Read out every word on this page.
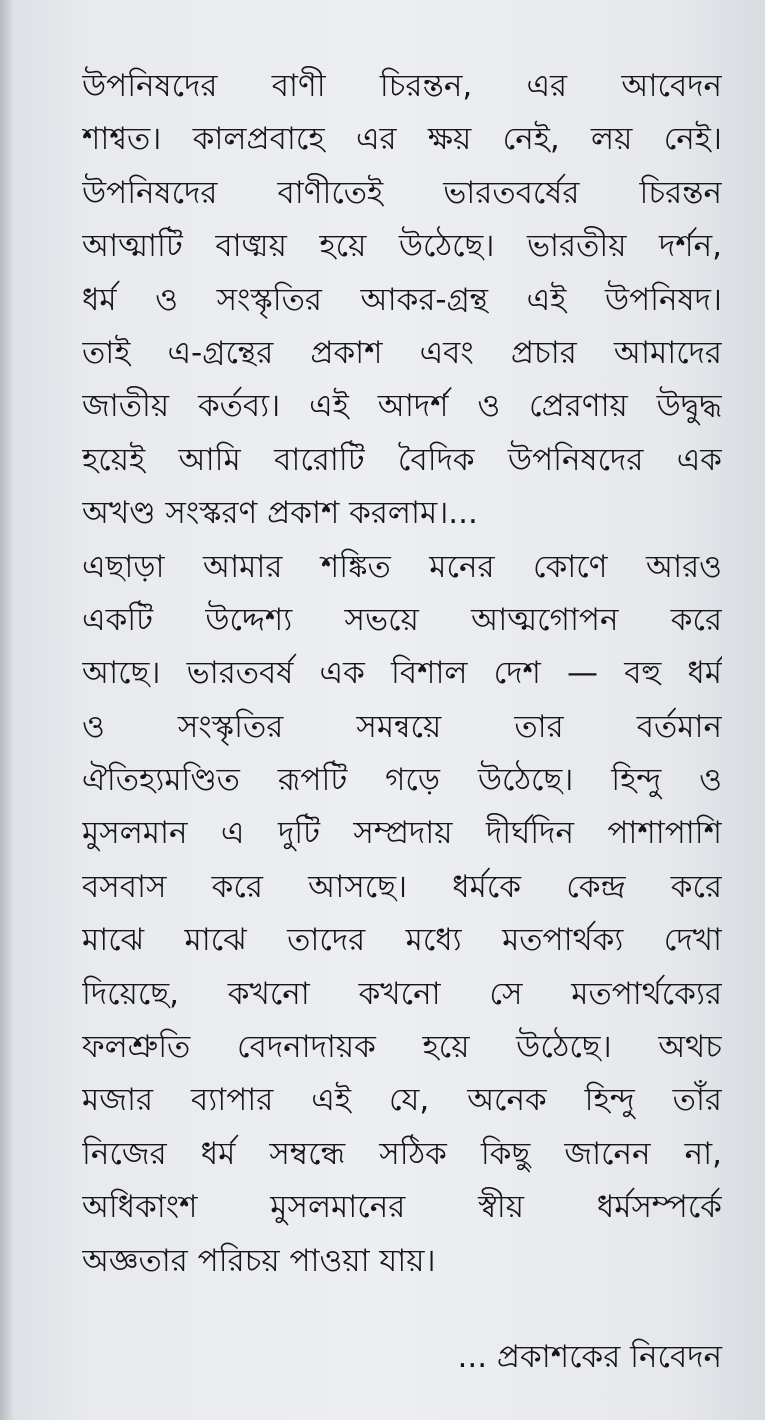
উপনিষদের বাণী চিরন্তন, এর আবেদন
শাশ্বত। কালপ্রবাহে এর ক্ষয় নেই, লয় নেই।
উপনিষদের বাণীতেই ভারতবর্ষের চিরন্তন
আত্মাটি বাঙ্ময় হয়ে উঠেছে। ভারতীয় দর্শন,
ধর্ম ও সংস্কৃতির আকর-গ্রন্থ এই উপনিষদ।
তাই এ-গ্রন্থের প্রকাশ এবং প্রচার আমাদের
জাতীয় কর্তব্য। এই আদর্শ ও প্রেরণায় উদ্বুদ্ধ
হয়েই আমি বারোটি বৈদিক উপনিষদের এক
অখণ্ড সংস্করণ প্রকাশ করলাম।...
এছাড়া আমার শঙ্কিত মনের কোণে আরও
একটি উদ্দেশ্য সভয়ে আত্মগোপন করে
আছে। ভারতবর্ষ এক বিশাল দেশ — বহু ধর্ম
ও সংস্কৃতির সমন্বয়ে তার বর্তমান
ঐতিহ্যমণ্ডিত রূপটি গড়ে উঠেছে। হিন্দু ও
মুসলমান এ দুটি সম্প্রদায় দীর্ঘদিন পাশাপাশি
বসবাস করে আসছে। ধর্মকে কেন্দ্র করে
মাঝে মাঝে তাদের মধ্যে মতপার্থক্য দেখা
দিয়েছে, কখনো কখনো সে মতপার্থক্যের
ফলশ্রুতি বেদনাদায়ক হয়ে উঠেছে। অথচ
মজার ব্যাপার এই যে, অনেক হিন্দু তাঁর
নিজের ধর্ম সম্বন্ধে সঠিক কিছু জানেন না,
অধিকাংশ মুসলমানের স্বীয় ধর্মসম্পর্কে
অজ্ঞতার পরিচয় পাওয়া যায়।
... প্রকাশকের নিবেদন
